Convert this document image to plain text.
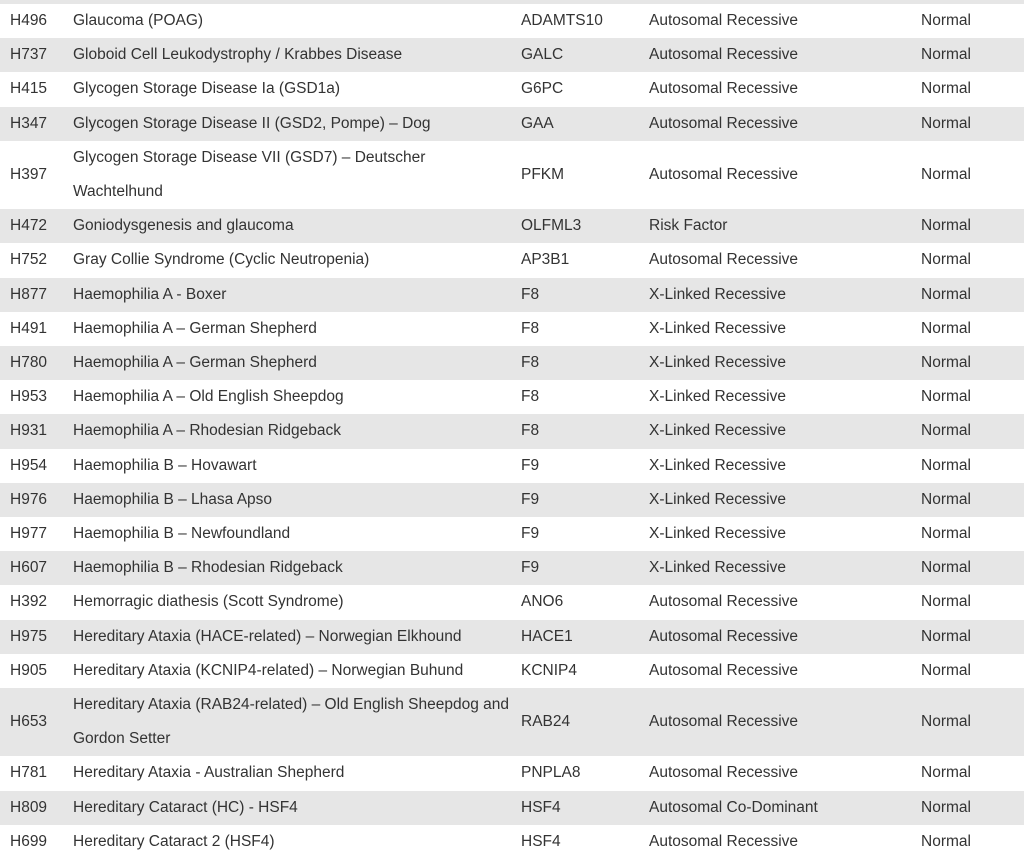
H496	Glaucoma (POAG)	ADAMTS10	Autosomal Recessive	Normal
H737	Globoid Cell Leukodystrophy / Krabbes Disease	GALC	Autosomal Recessive	Normal
H415	Glycogen Storage Disease Ia (GSD1a)	G6PC	Autosomal Recessive	Normal
H347	Glycogen Storage Disease II (GSD2, Pompe) – Dog	GAA	Autosomal Recessive	Normal
H397	Glycogen Storage Disease VII (GSD7) – Deutscher Wachtelhund	PFKM	Autosomal Recessive	Normal
H472	Goniodysgenesis and glaucoma	OLFML3	Risk Factor	Normal
H752	Gray Collie Syndrome (Cyclic Neutropenia)	AP3B1	Autosomal Recessive	Normal
H877	Haemophilia A - Boxer	F8	X-Linked Recessive	Normal
H491	Haemophilia A – German Shepherd	F8	X-Linked Recessive	Normal
H780	Haemophilia A – German Shepherd	F8	X-Linked Recessive	Normal
H953	Haemophilia A – Old English Sheepdog	F8	X-Linked Recessive	Normal
H931	Haemophilia A – Rhodesian Ridgeback	F8	X-Linked Recessive	Normal
H954	Haemophilia B – Hovawart	F9	X-Linked Recessive	Normal
H976	Haemophilia B – Lhasa Apso	F9	X-Linked Recessive	Normal
H977	Haemophilia B – Newfoundland	F9	X-Linked Recessive	Normal
H607	Haemophilia B – Rhodesian Ridgeback	F9	X-Linked Recessive	Normal
H392	Hemorragic diathesis (Scott Syndrome)	ANO6	Autosomal Recessive	Normal
H975	Hereditary Ataxia (HACE-related) – Norwegian Elkhound	HACE1	Autosomal Recessive	Normal
H905	Hereditary Ataxia (KCNIP4-related) – Norwegian Buhund	KCNIP4	Autosomal Recessive	Normal
H653	Hereditary Ataxia (RAB24-related) – Old English Sheepdog and Gordon Setter	RAB24	Autosomal Recessive	Normal
H781	Hereditary Ataxia - Australian Shepherd	PNPLA8	Autosomal Recessive	Normal
H809	Hereditary Cataract (HC) - HSF4	HSF4	Autosomal Co-Dominant	Normal
H699	Hereditary Cataract 2 (HSF4)	HSF4	Autosomal Recessive	Normal
